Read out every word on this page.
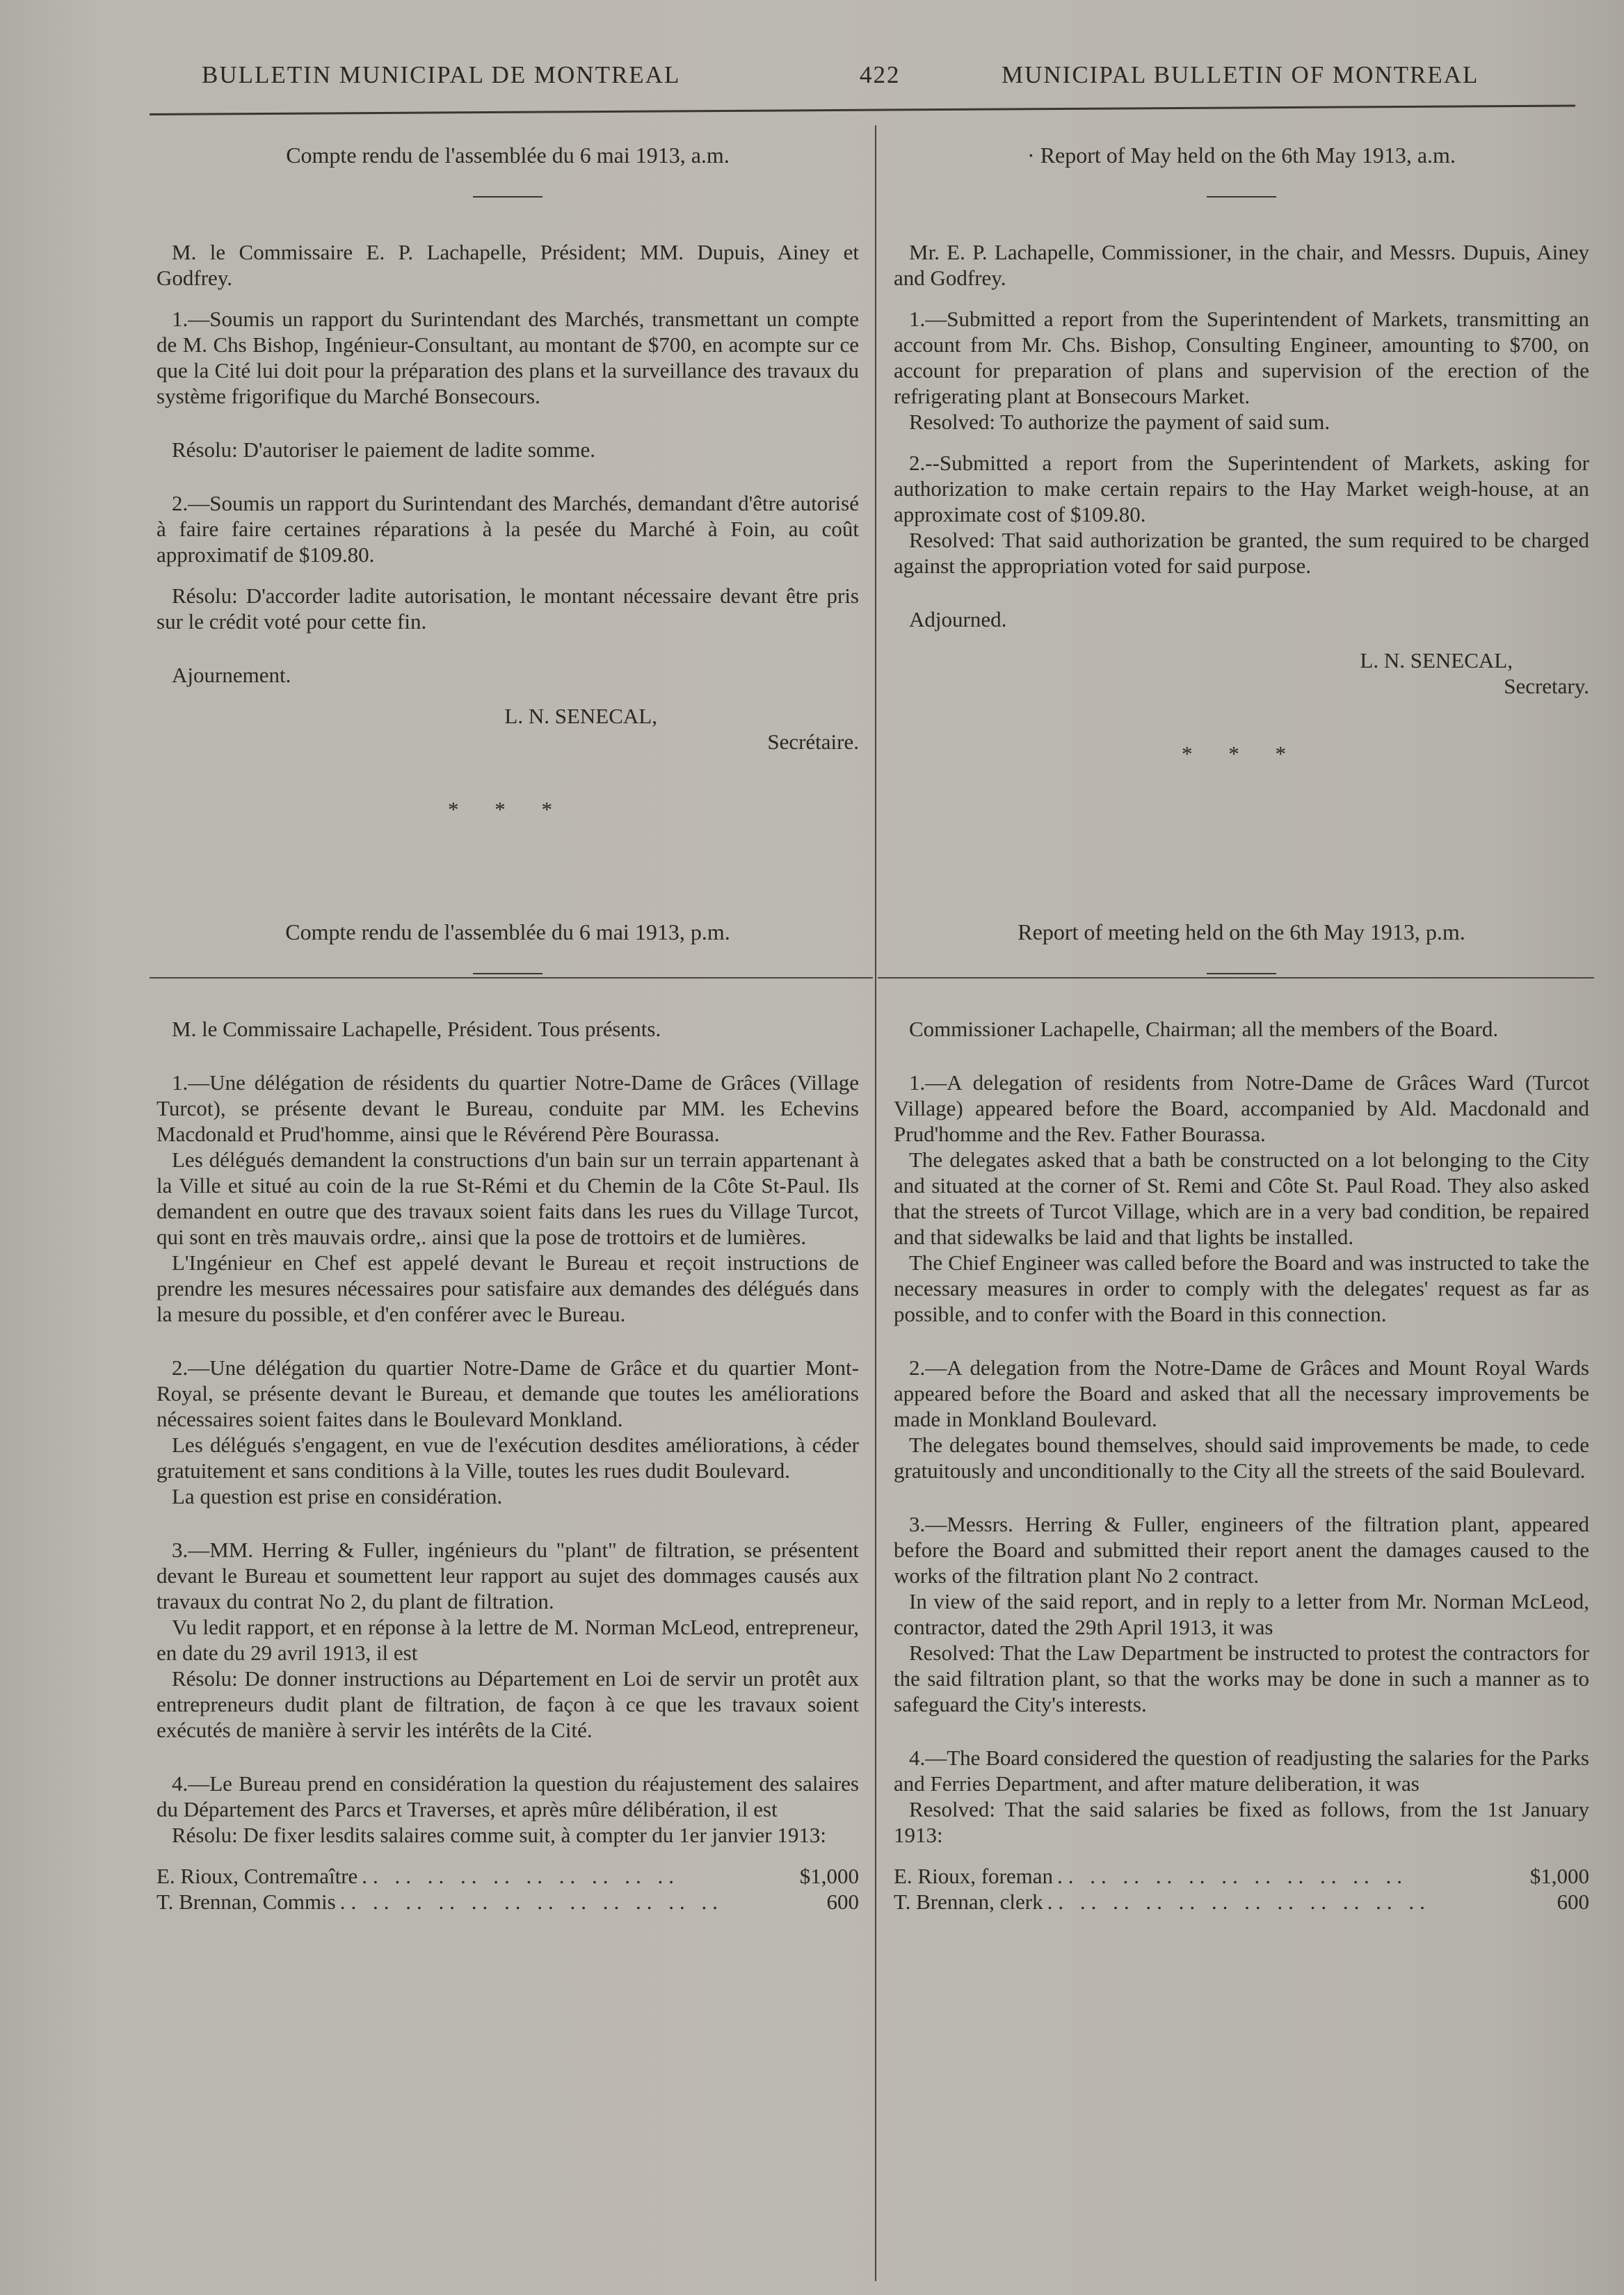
BULLETIN MUNICIPAL DE MONTREAL	422	MUNICIPAL BULLETIN OF MONTREAL
Compte rendu de l'assemblée du 6 mai 1913, a.m.

M. le Commissaire E. P. Lachapelle, Président; MM. Dupuis, Ainey et Godfrey.

1.—Soumis un rapport du Surintendant des Marchés, transmettant un compte de M. Chs Bishop, Ingénieur-Consultant, au montant de $700, en acompte sur ce que la Cité lui doit pour la préparation des plans et la surveillance des travaux du système frigorifique du Marché Bonsecours.

Résolu: D'autoriser le paiement de ladite somme.

2.—Soumis un rapport du Surintendant des Marchés, demandant d'être autorisé à faire faire certaines réparations à la pesée du Marché à Foin, au coût approximatif de $109.80.

Résolu: D'accorder ladite autorisation, le montant nécessaire devant être pris sur le crédit voté pour cette fin.

Ajournement.

L. N. SENECAL,
Secrétaire.
* * *
· Report of May held on the 6th May 1913, a.m.

Mr. E. P. Lachapelle, Commissioner, in the chair, and Messrs. Dupuis, Ainey and Godfrey.

1.—Submitted a report from the Superintendent of Markets, transmitting an account from Mr. Chs. Bishop, Consulting Engineer, amounting to $700, on account for preparation of plans and supervision of the erection of the refrigerating plant at Bonsecours Market.

Resolved: To authorize the payment of said sum.

2.--Submitted a report from the Superintendent of Markets, asking for authorization to make certain repairs to the Hay Market weigh-house, at an approximate cost of $109.80.

Resolved: That said authorization be granted, the sum required to be charged against the appropriation voted for said purpose.

Adjourned.

L. N. SENECAL,
Secretary.
* * *
Compte rendu de l'assemblée du 6 mai 1913, p.m.

M. le Commissaire Lachapelle, Président. Tous présents.

1.—Une délégation de résidents du quartier Notre-Dame de Grâces (Village Turcot), se présente devant le Bureau, conduite par MM. les Echevins Macdonald et Prud'homme, ainsi que le Révérend Père Bourassa.

Les délégués demandent la constructions d'un bain sur un terrain appartenant à la Ville et situé au coin de la rue St-Rémi et du Chemin de la Côte St-Paul. Ils demandent en outre que des travaux soient faits dans les rues du Village Turcot, qui sont en très mauvais ordre,. ainsi que la pose de trottoirs et de lumières.

L'Ingénieur en Chef est appelé devant le Bureau et reçoit instructions de prendre les mesures nécessaires pour satisfaire aux demandes des délégués dans la mesure du possible, et d'en conférer avec le Bureau.

2.—Une délégation du quartier Notre-Dame de Grâce et du quartier Mont-Royal, se présente devant le Bureau, et demande que toutes les améliorations nécessaires soient faites dans le Boulevard Monkland.

Les délégués s'engagent, en vue de l'exécution desdites améliorations, à céder gratuitement et sans conditions à la Ville, toutes les rues dudit Boulevard.

La question est prise en considération.

3.—MM. Herring & Fuller, ingénieurs du "plant" de filtration, se présentent devant le Bureau et soumettent leur rapport au sujet des dommages causés aux travaux du contrat No 2, du plant de filtration.

Vu ledit rapport, et en réponse à la lettre de M. Norman McLeod, entrepreneur, en date du 29 avril 1913, il est

Résolu: De donner instructions au Département en Loi de servir un protêt aux entrepreneurs dudit plant de filtration, de façon à ce que les travaux soient exécutés de manière à servir les intérêts de la Cité.

4.—Le Bureau prend en considération la question du réajustement des salaires du Département des Parcs et Traverses, et après mûre délibération, il est

Résolu: De fixer lesdits salaires comme suit, à compter du 1er janvier 1913:

E. Rioux, Contremaître .. .. .. .. .. .. .. .. .. ..	$1,000
T. Brennan, Commis .. .. .. .. .. .. .. .. .. .. .. ..	600
Report of meeting held on the 6th May 1913, p.m.

Commissioner Lachapelle, Chairman; all the members of the Board.

1.—A delegation of residents from Notre-Dame de Grâces Ward (Turcot Village) appeared before the Board, accompanied by Ald. Macdonald and Prud'homme and the Rev. Father Bourassa.

The delegates asked that a bath be constructed on a lot belonging to the City and situated at the corner of St. Remi and Côte St. Paul Road. They also asked that the streets of Turcot Village, which are in a very bad condition, be repaired and that sidewalks be laid and that lights be installed.

The Chief Engineer was called before the Board and was instructed to take the necessary measures in order to comply with the delegates' request as far as possible, and to confer with the Board in this connection.

2.—A delegation from the Notre-Dame de Grâces and Mount Royal Wards appeared before the Board and asked that all the necessary improvements be made in Monkland Boulevard.

The delegates bound themselves, should said improvements be made, to cede gratuitously and unconditionally to the City all the streets of the said Boulevard.

3.—Messrs. Herring & Fuller, engineers of the filtration plant, appeared before the Board and submitted their report anent the damages caused to the works of the filtration plant No 2 contract.

In view of the said report, and in reply to a letter from Mr. Norman McLeod, contractor, dated the 29th April 1913, it was

Resolved: That the Law Department be instructed to protest the contractors for the said filtration plant, so that the works may be done in such a manner as to safeguard the City's interests.

4.—The Board considered the question of readjusting the salaries for the Parks and Ferries Department, and after mature deliberation, it was

Resolved: That the said salaries be fixed as follows, from the 1st January 1913:

E. Rioux, foreman .. .. .. .. .. .. .. .. .. .. ..	$1,000
T. Brennan, clerk .. .. .. .. .. .. .. .. .. .. .. ..	600
